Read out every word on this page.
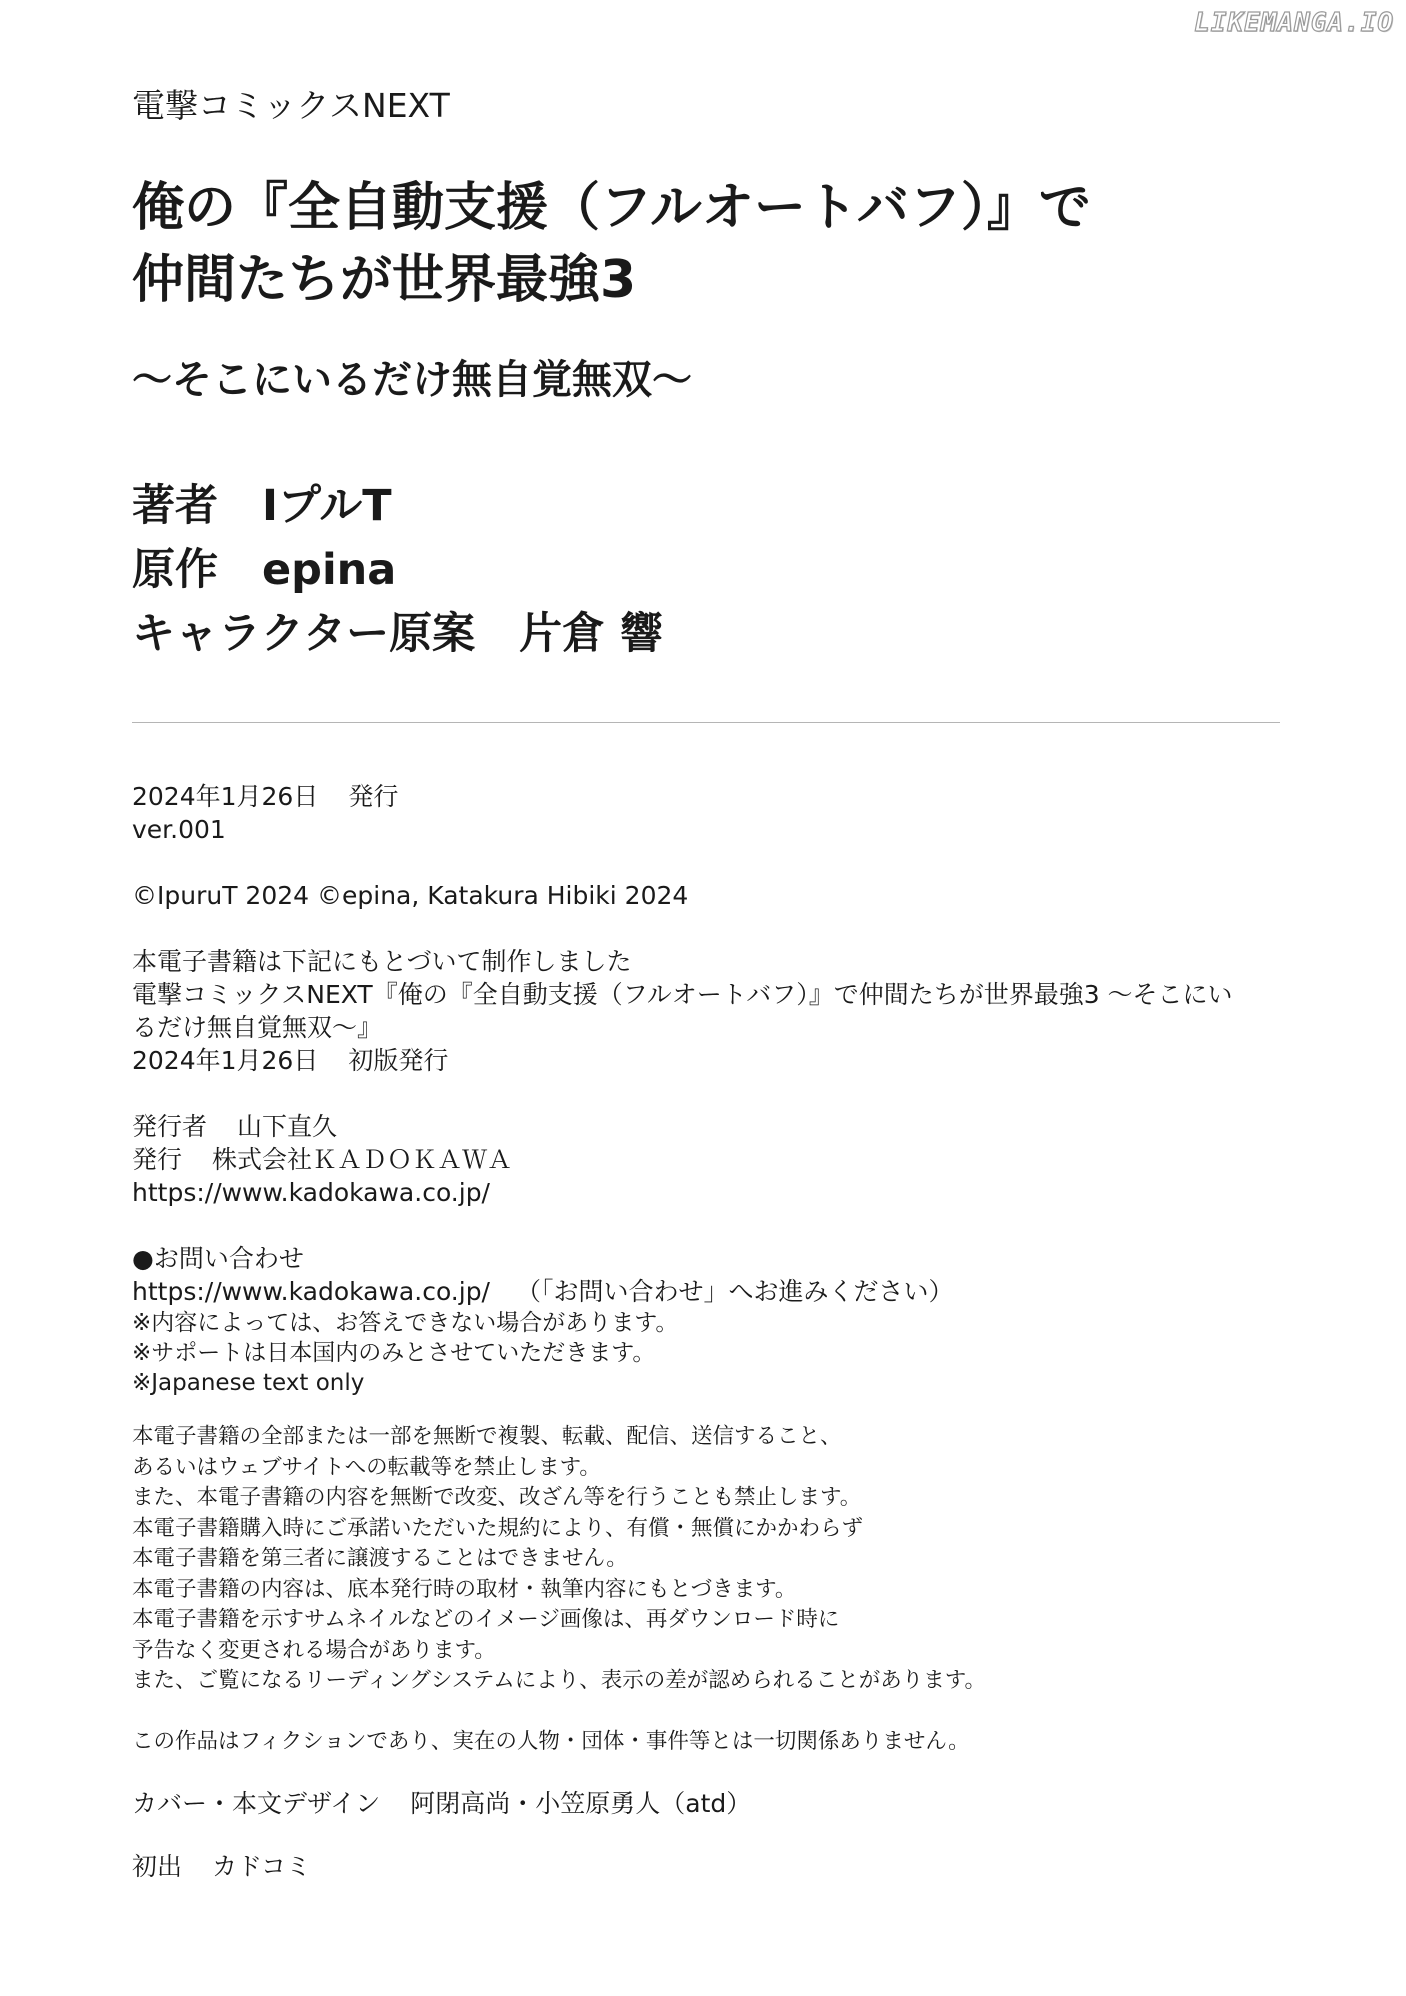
LIKEMANGA.IO
電撃コミックスNEXT
俺の『全自動支援（フルオートバフ）』で
仲間たちが世界最強3
～そこにいるだけ無自覚無双～
著者 IプルT
原作 epina
キャラクター原案 片倉 響
2024年1月26日 発行
ver.001
©IpuruT 2024 ©epina, Katakura Hibiki 2024
本電子書籍は下記にもとづいて制作しました
電撃コミックスNEXT『俺の『全自動支援（フルオートバフ）』で仲間たちが世界最強3 ～そこにい
るだけ無自覚無双～』
2024年1月26日 初版発行
発行者 山下直久
発行 株式会社ＫＡＤＯＫＡＷＡ
https://www.kadokawa.co.jp/
●お問い合わせ
https://www.kadokawa.co.jp/ （「お問い合わせ」へお進みください）
※内容によっては、お答えできない場合があります。
※サポートは日本国内のみとさせていただきます。
※Japanese text only
本電子書籍の全部または一部を無断で複製、転載、配信、送信すること、
あるいはウェブサイトへの転載等を禁止します。
また、本電子書籍の内容を無断で改変、改ざん等を行うことも禁止します。
本電子書籍購入時にご承諾いただいた規約により、有償・無償にかかわらず
本電子書籍を第三者に譲渡することはできません。
本電子書籍の内容は、底本発行時の取材・執筆内容にもとづきます。
本電子書籍を示すサムネイルなどのイメージ画像は、再ダウンロード時に
予告なく変更される場合があります。
また、ご覧になるリーディングシステムにより、表示の差が認められることがあります。
この作品はフィクションであり、実在の人物・団体・事件等とは一切関係ありません。
カバー・本文デザイン 阿閉高尚・小笠原勇人（atd）
初出 カドコミ
